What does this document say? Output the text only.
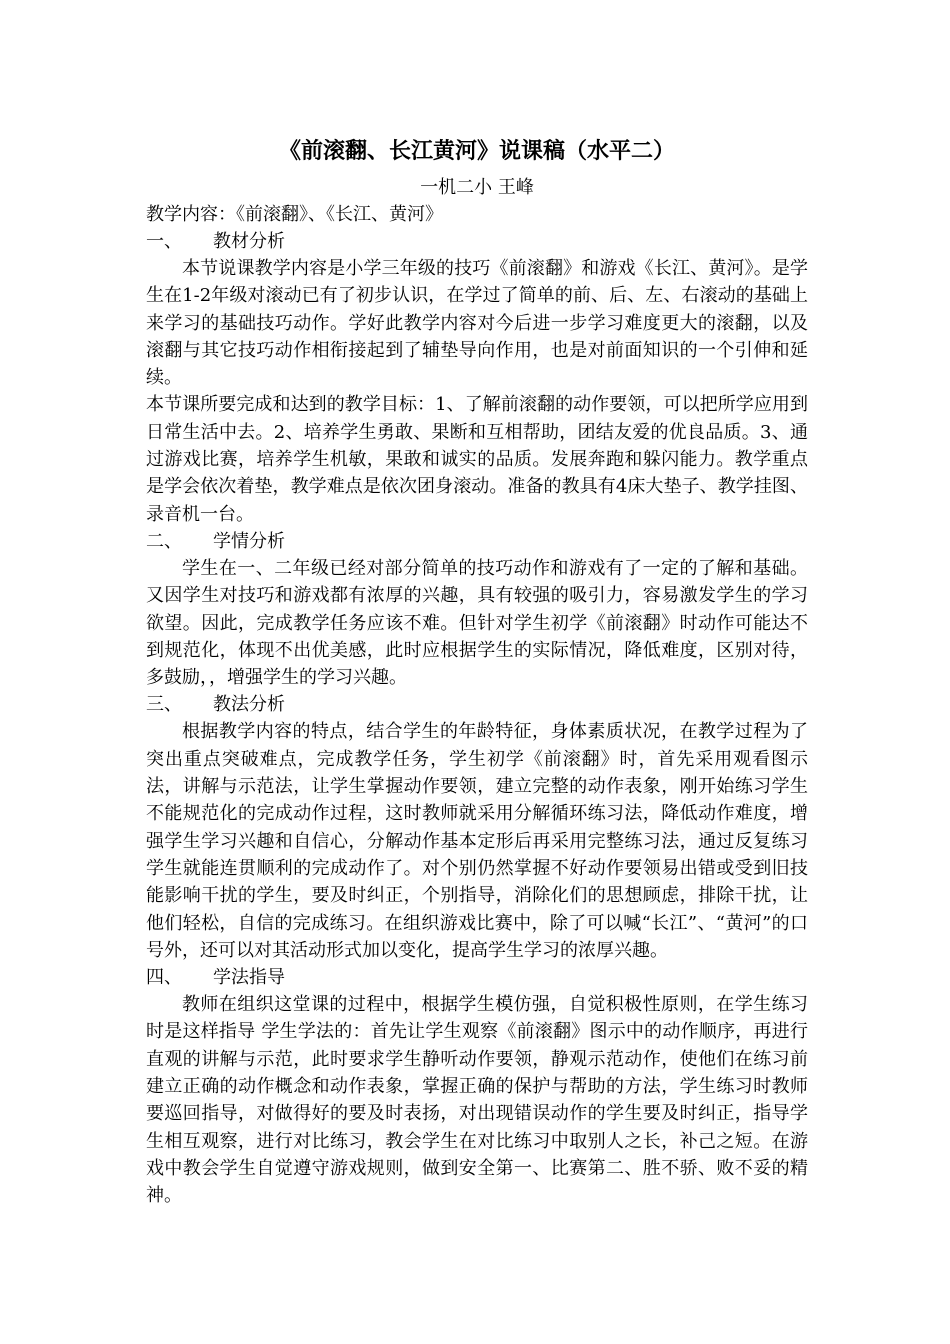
《前滚翻、长江黄河》说课稿（水平二）

一机二小 王峰

教学内容：《前滚翻》、《长江、黄河》

一、 教材分析

本节说课教学内容是小学三年级的技巧《前滚翻》和游戏《长江、黄河》。是学生在1-2年级对滚动已有了初步认识，在学过了简单的前、后、左、右滚动的基础上来学习的基础技巧动作。学好此教学内容对今后进一步学习难度更大的滚翻，以及滚翻与其它技巧动作相衔接起到了辅垫导向作用，也是对前面知识的一个引伸和延续。

本节课所要完成和达到的教学目标：1、了解前滚翻的动作要领，可以把所学应用到日常生活中去。2、培养学生勇敢、果断和互相帮助，团结友爱的优良品质。3、通过游戏比赛，培养学生机敏，果敢和诚实的品质。发展奔跑和躲闪能力。教学重点是学会依次着垫，教学难点是依次团身滚动。准备的教具有4床大垫子、教学挂图、录音机一台。

二、 学情分析

学生在一、二年级已经对部分简单的技巧动作和游戏有了一定的了解和基础。又因学生对技巧和游戏都有浓厚的兴趣，具有较强的吸引力，容易激发学生的学习欲望。因此，完成教学任务应该不难。但针对学生初学《前滚翻》时动作可能达不到规范化，体现不出优美感，此时应根据学生的实际情况，降低难度，区别对待，多鼓励，，增强学生的学习兴趣。

三、 教法分析

根据教学内容的特点，结合学生的年龄特征，身体素质状况，在教学过程为了突出重点突破难点，完成教学任务，学生初学《前滚翻》时，首先采用观看图示法，讲解与示范法，让学生掌握动作要领，建立完整的动作表象，刚开始练习学生不能规范化的完成动作过程，这时教师就采用分解循环练习法，降低动作难度，增强学生学习兴趣和自信心，分解动作基本定形后再采用完整练习法，通过反复练习学生就能连贯顺利的完成动作了。对个别仍然掌握不好动作要领易出错或受到旧技能影响干扰的学生，要及时纠正，个别指导，消除化们的思想顾虑，排除干扰，让他们轻松，自信的完成练习。在组织游戏比赛中，除了可以喊“长江”、“黄河”的口号外，还可以对其活动形式加以变化，提高学生学习的浓厚兴趣。

四、 学法指导

教师在组织这堂课的过程中，根据学生模仿强，自觉积极性原则，在学生练习时是这样指导 学生学法的：首先让学生观察《前滚翻》图示中的动作顺序，再进行直观的讲解与示范，此时要求学生静听动作要领，静观示范动作，使他们在练习前建立正确的动作概念和动作表象，掌握正确的保护与帮助的方法，学生练习时教师要巡回指导，对做得好的要及时表扬，对出现错误动作的学生要及时纠正，指导学生相互观察，进行对比练习，教会学生在对比练习中取别人之长，补己之短。在游戏中教会学生自觉遵守游戏规则，做到安全第一、比赛第二、胜不骄、败不妥的精神。
